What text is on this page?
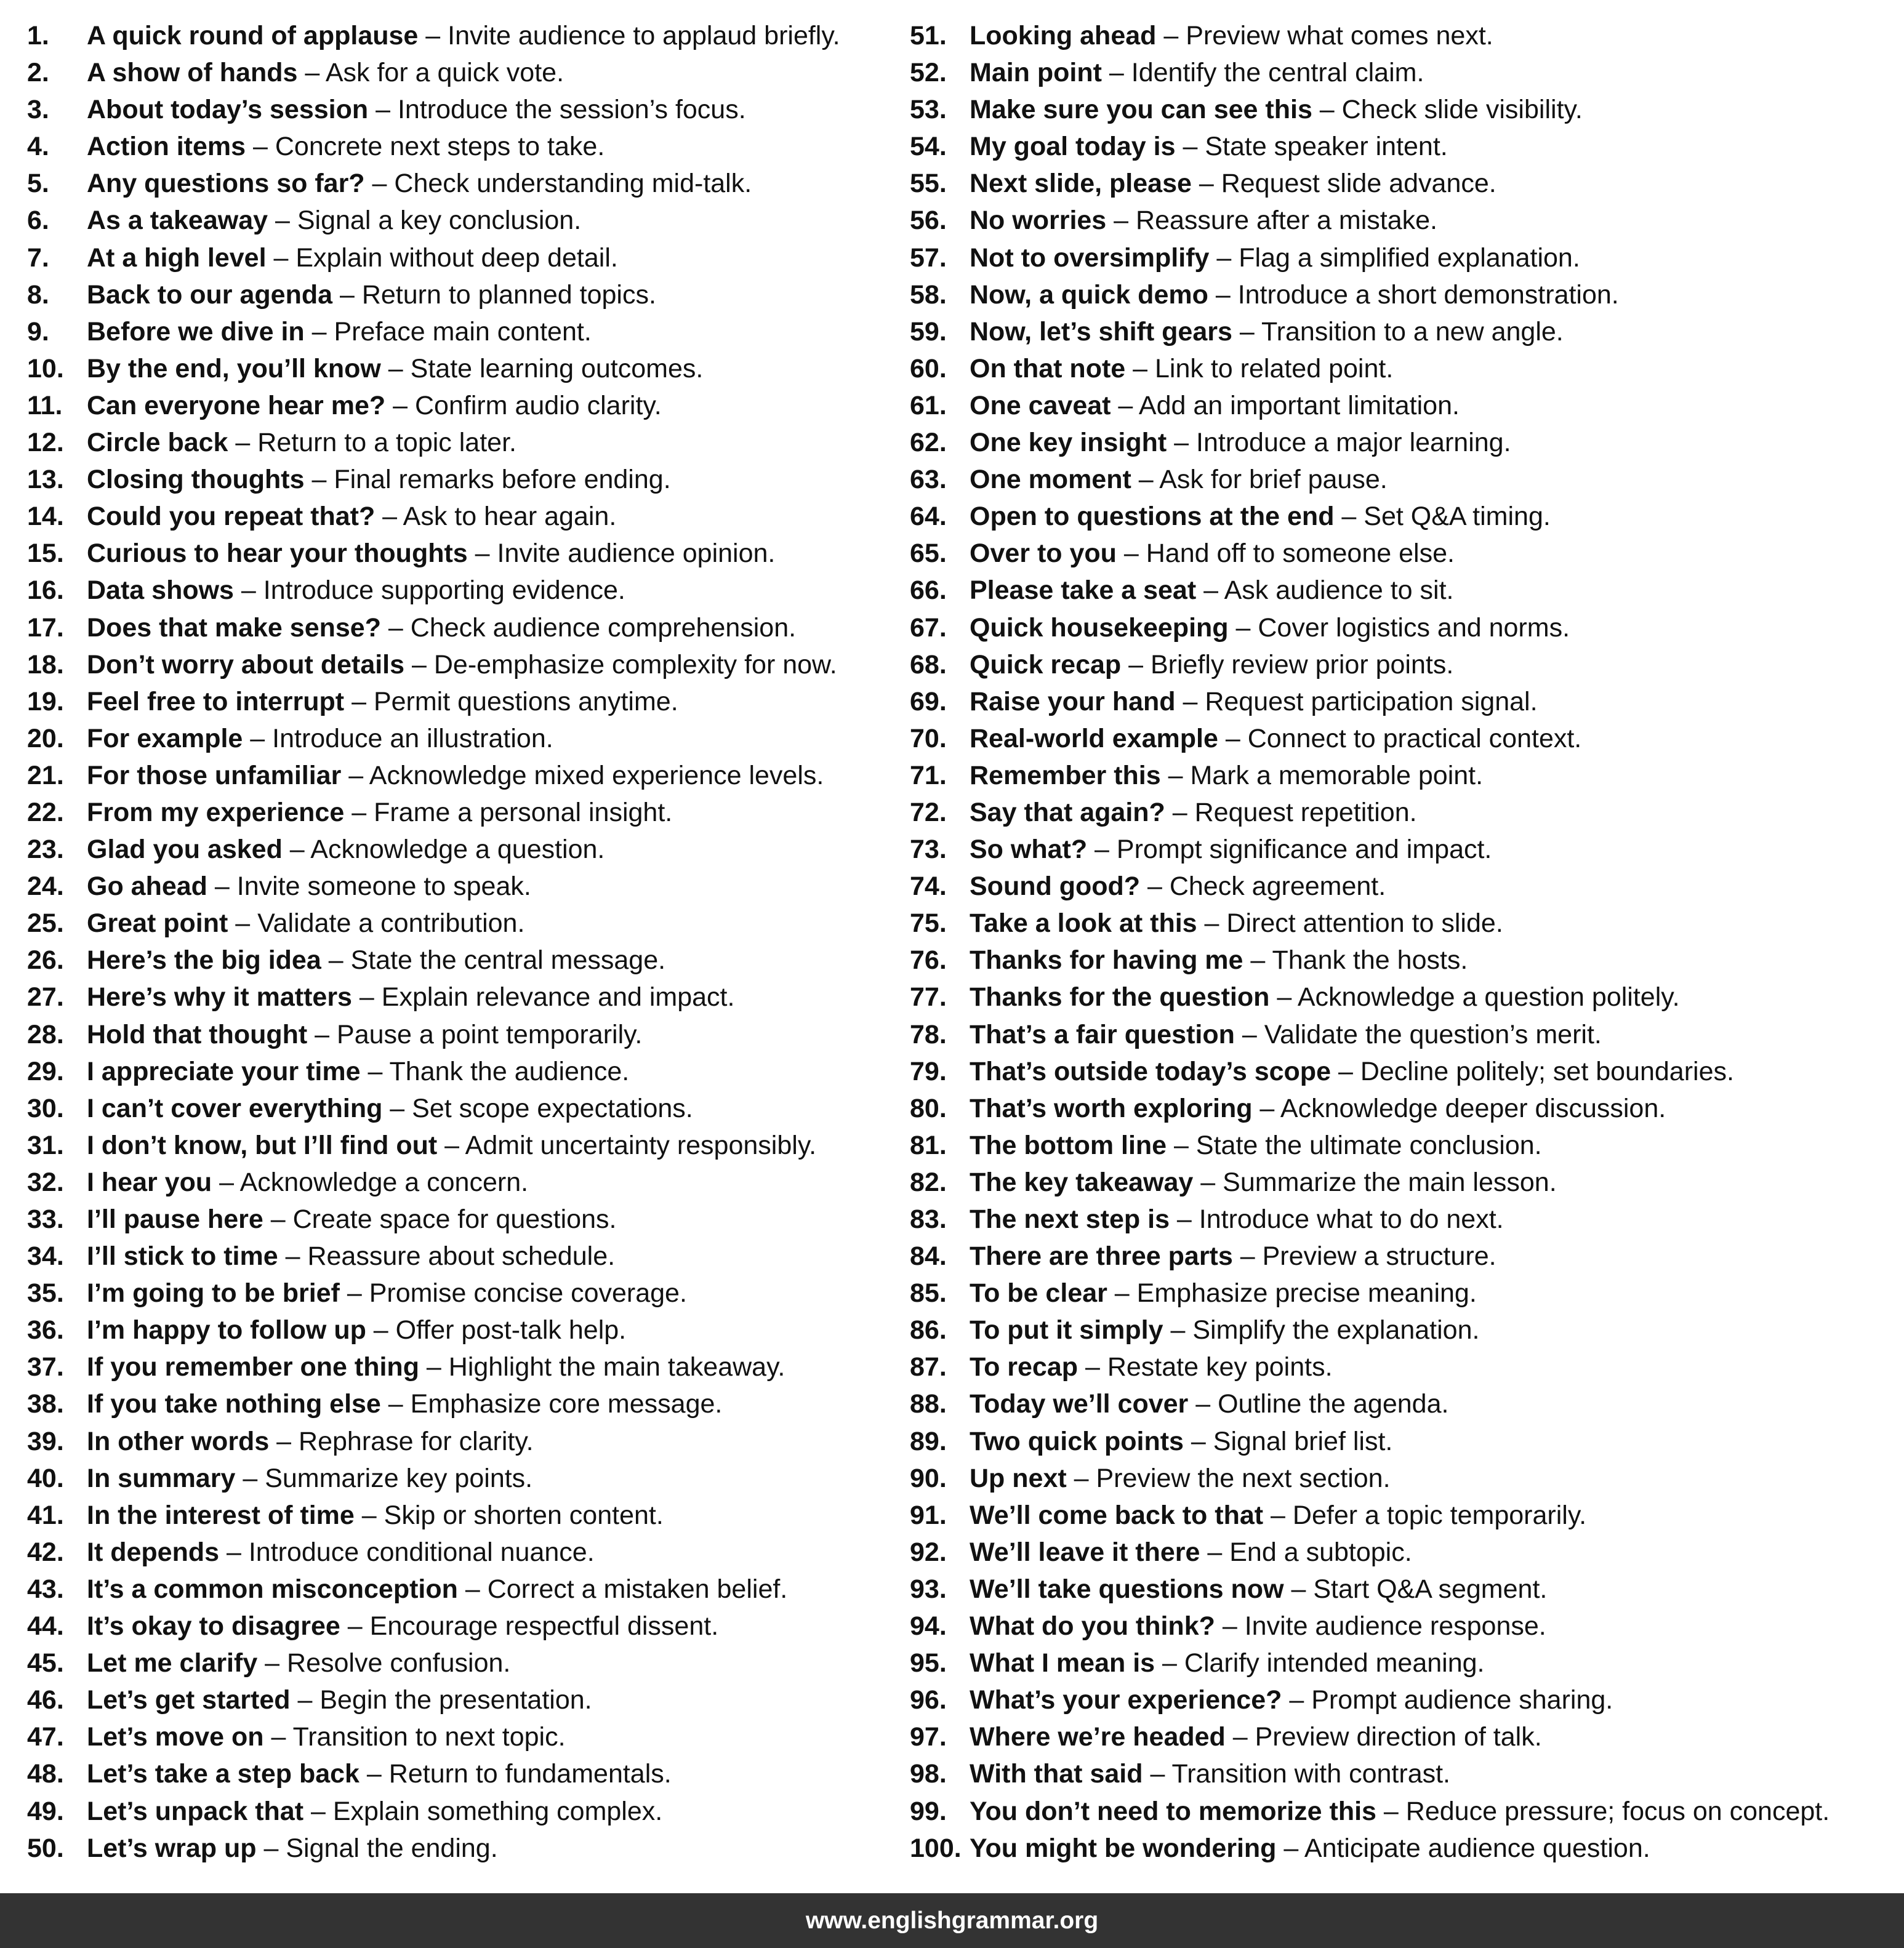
1. A quick round of applause – Invite audience to applaud briefly.
2. A show of hands – Ask for a quick vote.
3. About today’s session – Introduce the session’s focus.
4. Action items – Concrete next steps to take.
5. Any questions so far? – Check understanding mid-talk.
6. As a takeaway – Signal a key conclusion.
7. At a high level – Explain without deep detail.
8. Back to our agenda – Return to planned topics.
9. Before we dive in – Preface main content.
10. By the end, you’ll know – State learning outcomes.
11. Can everyone hear me? – Confirm audio clarity.
12. Circle back – Return to a topic later.
13. Closing thoughts – Final remarks before ending.
14. Could you repeat that? – Ask to hear again.
15. Curious to hear your thoughts – Invite audience opinion.
16. Data shows – Introduce supporting evidence.
17. Does that make sense? – Check audience comprehension.
18. Don’t worry about details – De-emphasize complexity for now.
19. Feel free to interrupt – Permit questions anytime.
20. For example – Introduce an illustration.
21. For those unfamiliar – Acknowledge mixed experience levels.
22. From my experience – Frame a personal insight.
23. Glad you asked – Acknowledge a question.
24. Go ahead – Invite someone to speak.
25. Great point – Validate a contribution.
26. Here’s the big idea – State the central message.
27. Here’s why it matters – Explain relevance and impact.
28. Hold that thought – Pause a point temporarily.
29. I appreciate your time – Thank the audience.
30. I can’t cover everything – Set scope expectations.
31. I don’t know, but I’ll find out – Admit uncertainty responsibly.
32. I hear you – Acknowledge a concern.
33. I’ll pause here – Create space for questions.
34. I’ll stick to time – Reassure about schedule.
35. I’m going to be brief – Promise concise coverage.
36. I’m happy to follow up – Offer post-talk help.
37. If you remember one thing – Highlight the main takeaway.
38. If you take nothing else – Emphasize core message.
39. In other words – Rephrase for clarity.
40. In summary – Summarize key points.
41. In the interest of time – Skip or shorten content.
42. It depends – Introduce conditional nuance.
43. It’s a common misconception – Correct a mistaken belief.
44. It’s okay to disagree – Encourage respectful dissent.
45. Let me clarify – Resolve confusion.
46. Let’s get started – Begin the presentation.
47. Let’s move on – Transition to next topic.
48. Let’s take a step back – Return to fundamentals.
49. Let’s unpack that – Explain something complex.
50. Let’s wrap up – Signal the ending.
51. Looking ahead – Preview what comes next.
52. Main point – Identify the central claim.
53. Make sure you can see this – Check slide visibility.
54. My goal today is – State speaker intent.
55. Next slide, please – Request slide advance.
56. No worries – Reassure after a mistake.
57. Not to oversimplify – Flag a simplified explanation.
58. Now, a quick demo – Introduce a short demonstration.
59. Now, let’s shift gears – Transition to a new angle.
60. On that note – Link to related point.
61. One caveat – Add an important limitation.
62. One key insight – Introduce a major learning.
63. One moment – Ask for brief pause.
64. Open to questions at the end – Set Q&A timing.
65. Over to you – Hand off to someone else.
66. Please take a seat – Ask audience to sit.
67. Quick housekeeping – Cover logistics and norms.
68. Quick recap – Briefly review prior points.
69. Raise your hand – Request participation signal.
70. Real-world example – Connect to practical context.
71. Remember this – Mark a memorable point.
72. Say that again? – Request repetition.
73. So what? – Prompt significance and impact.
74. Sound good? – Check agreement.
75. Take a look at this – Direct attention to slide.
76. Thanks for having me – Thank the hosts.
77. Thanks for the question – Acknowledge a question politely.
78. That’s a fair question – Validate the question’s merit.
79. That’s outside today’s scope – Decline politely; set boundaries.
80. That’s worth exploring – Acknowledge deeper discussion.
81. The bottom line – State the ultimate conclusion.
82. The key takeaway – Summarize the main lesson.
83. The next step is – Introduce what to do next.
84. There are three parts – Preview a structure.
85. To be clear – Emphasize precise meaning.
86. To put it simply – Simplify the explanation.
87. To recap – Restate key points.
88. Today we’ll cover – Outline the agenda.
89. Two quick points – Signal brief list.
90. Up next – Preview the next section.
91. We’ll come back to that – Defer a topic temporarily.
92. We’ll leave it there – End a subtopic.
93. We’ll take questions now – Start Q&A segment.
94. What do you think? – Invite audience response.
95. What I mean is – Clarify intended meaning.
96. What’s your experience? – Prompt audience sharing.
97. Where we’re headed – Preview direction of talk.
98. With that said – Transition with contrast.
99. You don’t need to memorize this – Reduce pressure; focus on concept.
100. You might be wondering – Anticipate audience question.
www.englishgrammar.org
